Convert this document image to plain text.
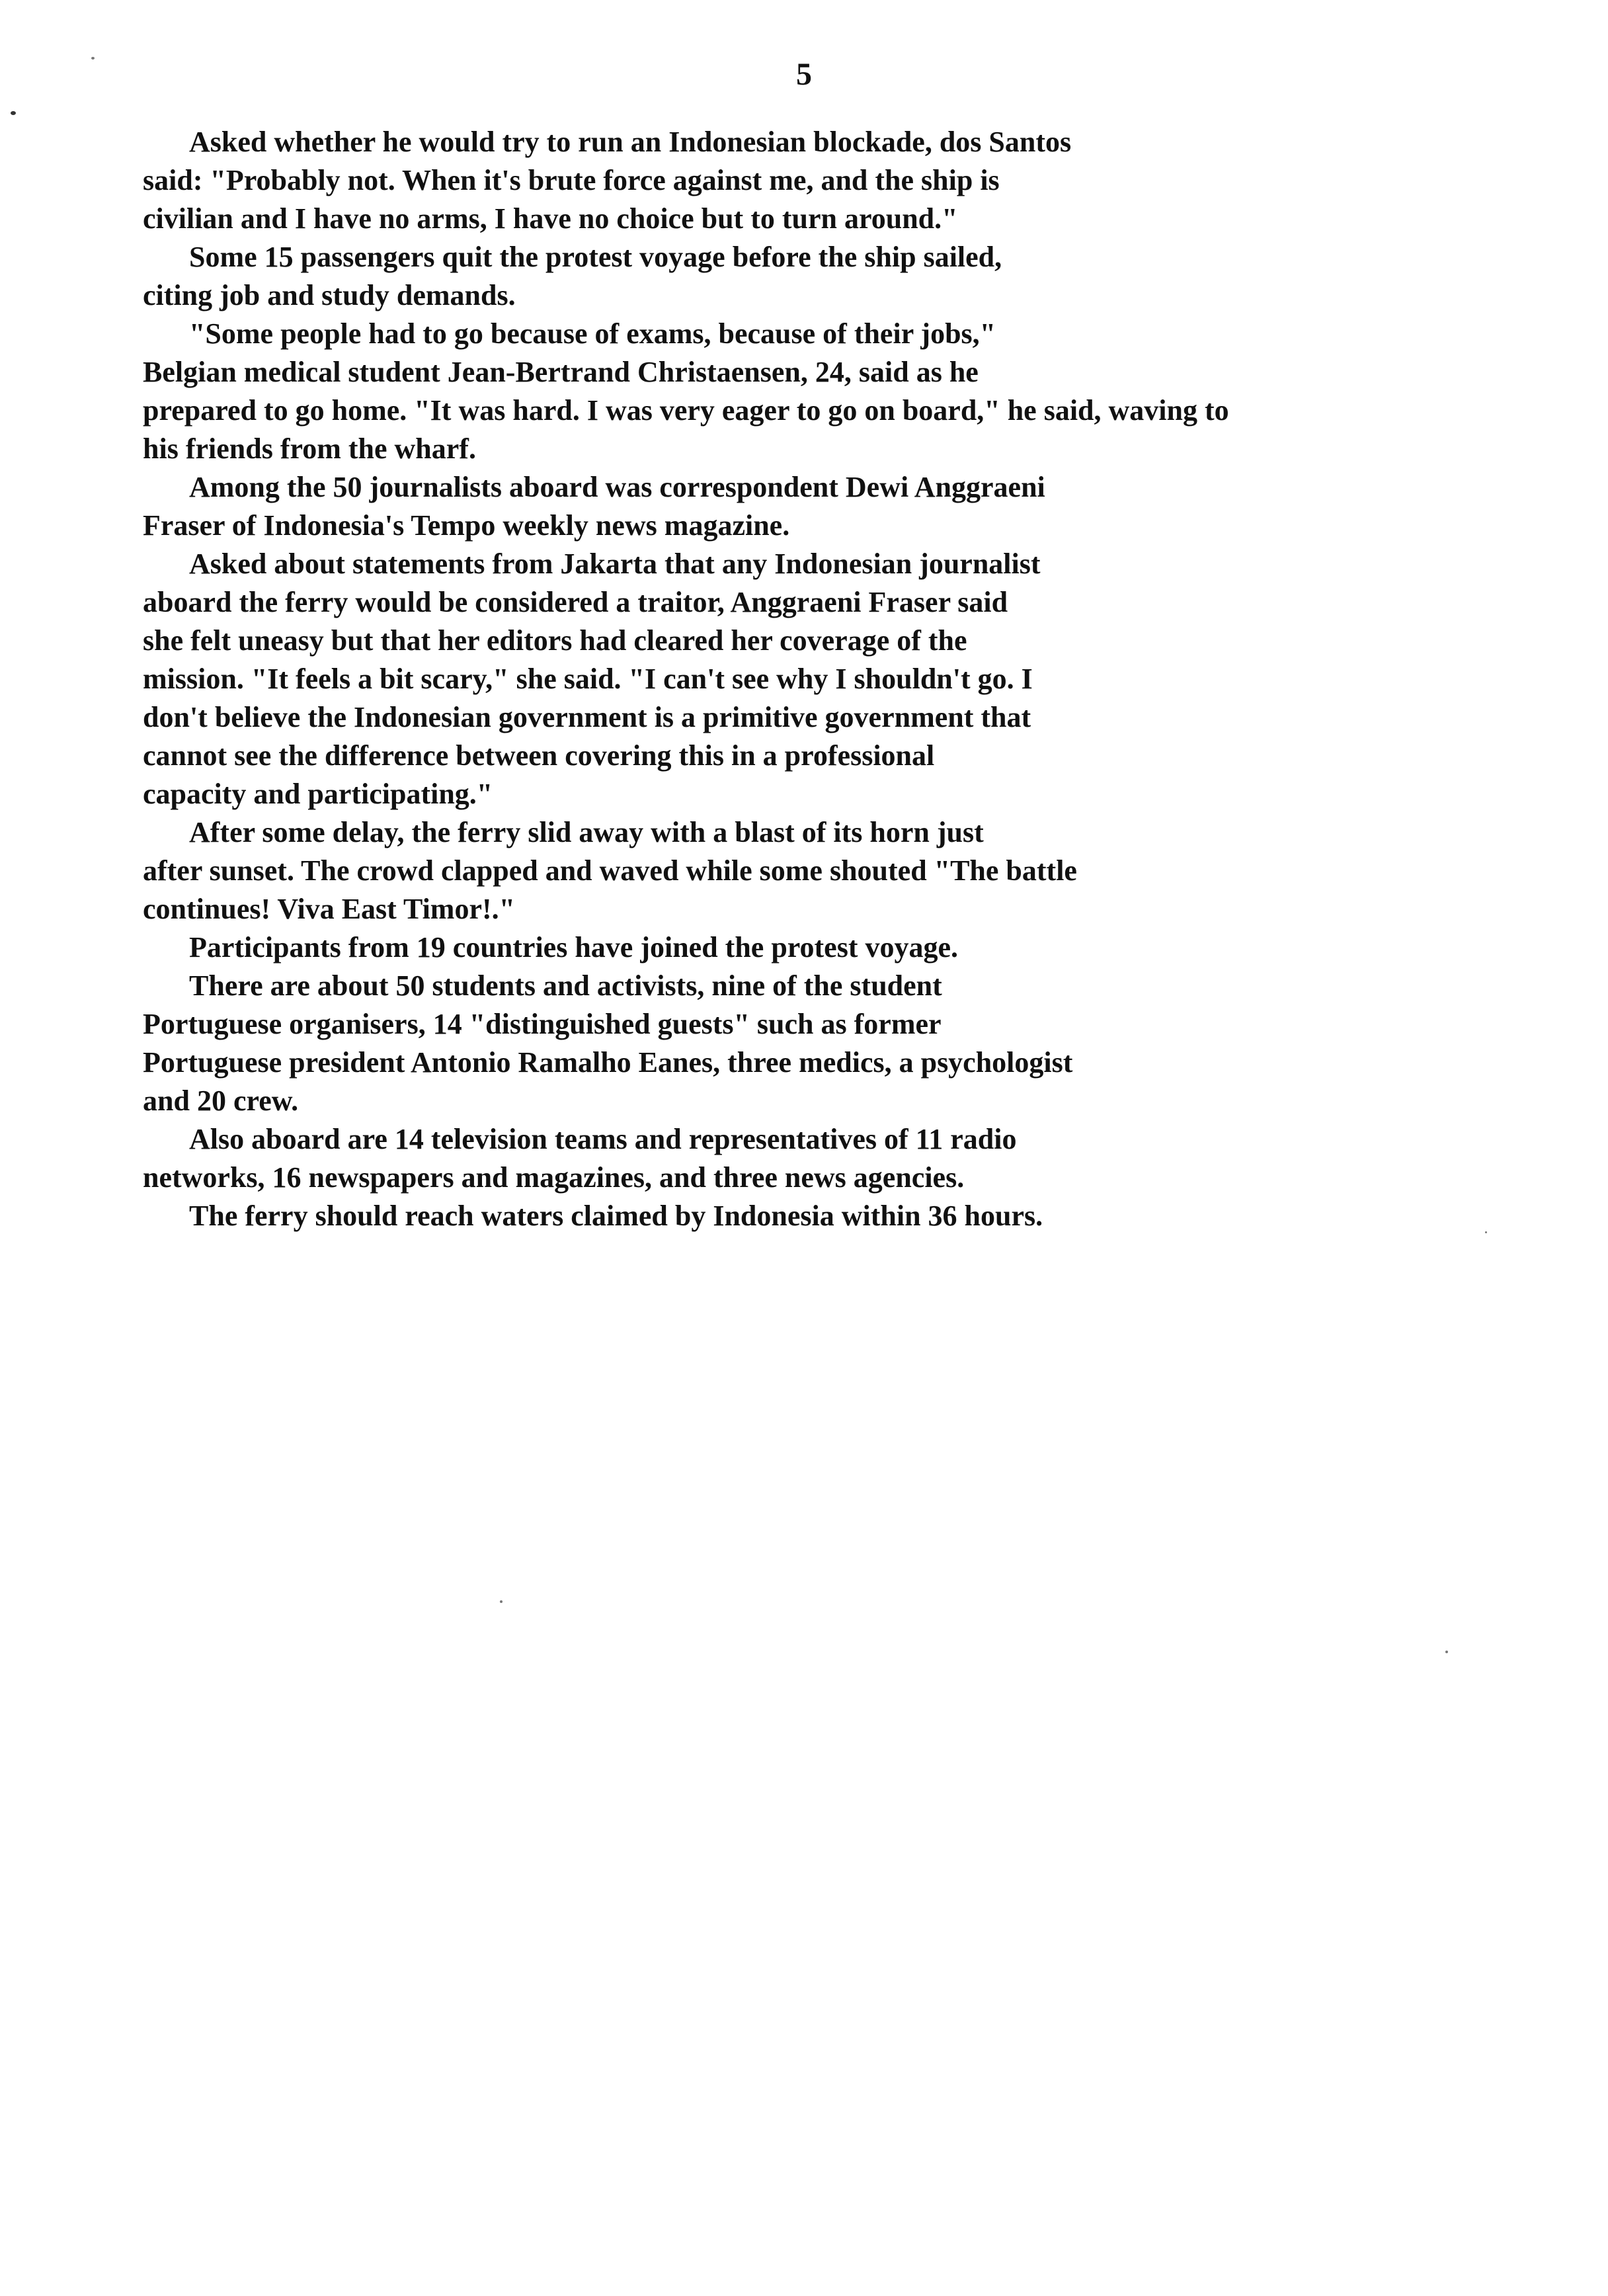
5

Asked whether he would try to run an Indonesian blockade, dos Santos
said: "Probably not. When it's brute force against me, and the ship is
civilian and I have no arms, I have no choice but to turn around."

Some 15 passengers quit the protest voyage before the ship sailed,
citing job and study demands.

"Some people had to go because of exams, because of their jobs,"
Belgian medical student Jean-Bertrand Christaensen, 24, said as he
prepared to go home. "It was hard. I was very eager to go on board," he said, waving to
his friends from the wharf.

Among the 50 journalists aboard was correspondent Dewi Anggraeni
Fraser of Indonesia's Tempo weekly news magazine.

Asked about statements from Jakarta that any Indonesian journalist
aboard the ferry would be considered a traitor, Anggraeni Fraser said
she felt uneasy but that her editors had cleared her coverage of the
mission. "It feels a bit scary," she said. "I can't see why I shouldn't go. I
don't believe the Indonesian government is a primitive government that
cannot see the difference between covering this in a professional
capacity and participating."

After some delay, the ferry slid away with a blast of its horn just
after sunset. The crowd clapped and waved while some shouted "The battle
continues! Viva East Timor!."

Participants from 19 countries have joined the protest voyage.

There are about 50 students and activists, nine of the student
Portuguese organisers, 14 "distinguished guests" such as former
Portuguese president Antonio Ramalho Eanes, three medics, a psychologist
and 20 crew.

Also aboard are 14 television teams and representatives of 11 radio
networks, 16 newspapers and magazines, and three news agencies.

The ferry should reach waters claimed by Indonesia within 36 hours.
